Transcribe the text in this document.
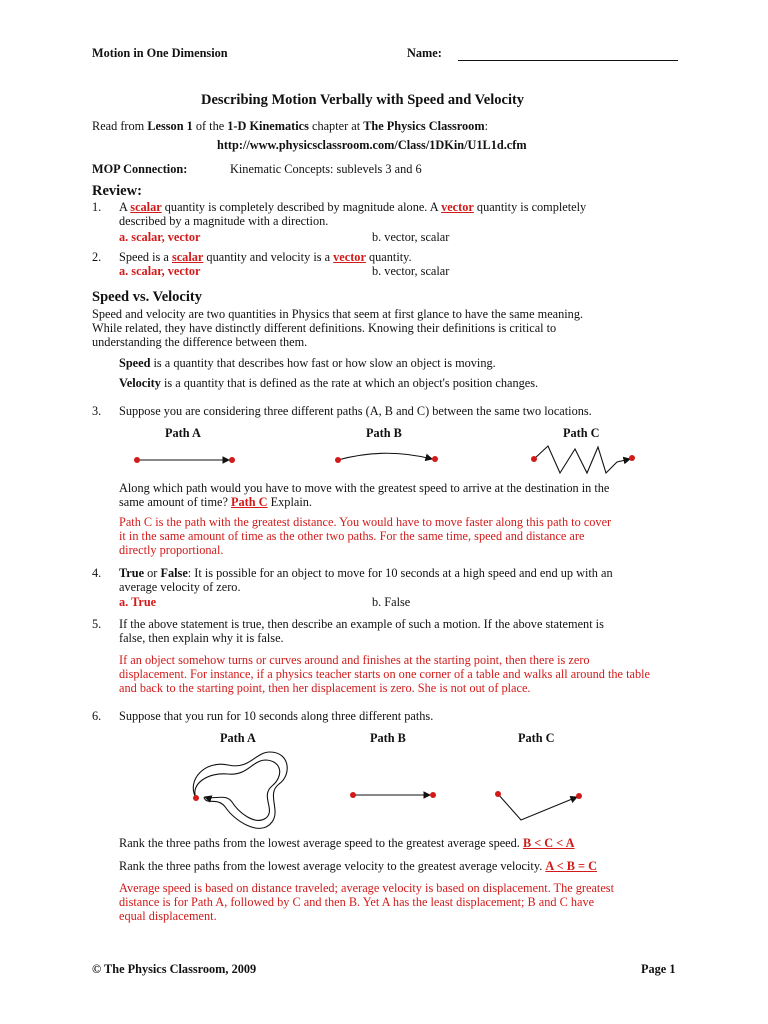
Motion in One Dimension	Name:
Describing Motion Verbally with Speed and Velocity
Read from Lesson 1 of the 1-D Kinematics chapter at The Physics Classroom:
http://www.physicsclassroom.com/Class/1DKin/U1L1d.cfm
MOP Connection:	Kinematic Concepts: sublevels 3 and 6
Review:
1. A scalar quantity is completely described by magnitude alone. A vector quantity is completely
described by a magnitude with a direction.
a. scalar, vector	b. vector, scalar
2. Speed is a scalar quantity and velocity is a vector quantity.
a. scalar, vector	b. vector, scalar
Speed vs. Velocity
Speed and velocity are two quantities in Physics that seem at first glance to have the same meaning.
While related, they have distinctly different definitions. Knowing their definitions is critical to
understanding the difference between them.
Speed is a quantity that describes how fast or how slow an object is moving.
Velocity is a quantity that is defined as the rate at which an object's position changes.
3. Suppose you are considering three different paths (A, B and C) between the same two locations.
Path A	Path B	Path C
Along which path would you have to move with the greatest speed to arrive at the destination in the
same amount of time? Path C Explain.
Path C is the path with the greatest distance. You would have to move faster along this path to cover
it in the same amount of time as the other two paths. For the same time, speed and distance are
directly proportional.
4. True or False: It is possible for an object to move for 10 seconds at a high speed and end up with an
average velocity of zero.
a. True	b. False
5. If the above statement is true, then describe an example of such a motion. If the above statement is
false, then explain why it is false.
If an object somehow turns or curves around and finishes at the starting point, then there is zero
displacement. For instance, if a physics teacher starts on one corner of a table and walks all around the table
and back to the starting point, then her displacement is zero. She is not out of place.
6. Suppose that you run for 10 seconds along three different paths.
Path A	Path B	Path C
Rank the three paths from the lowest average speed to the greatest average speed. B < C < A
Rank the three paths from the lowest average velocity to the greatest average velocity. A < B = C
Average speed is based on distance traveled; average velocity is based on displacement. The greatest
distance is for Path A, followed by C and then B. Yet A has the least displacement; B and C have
equal displacement.
© The Physics Classroom, 2009	Page 1
